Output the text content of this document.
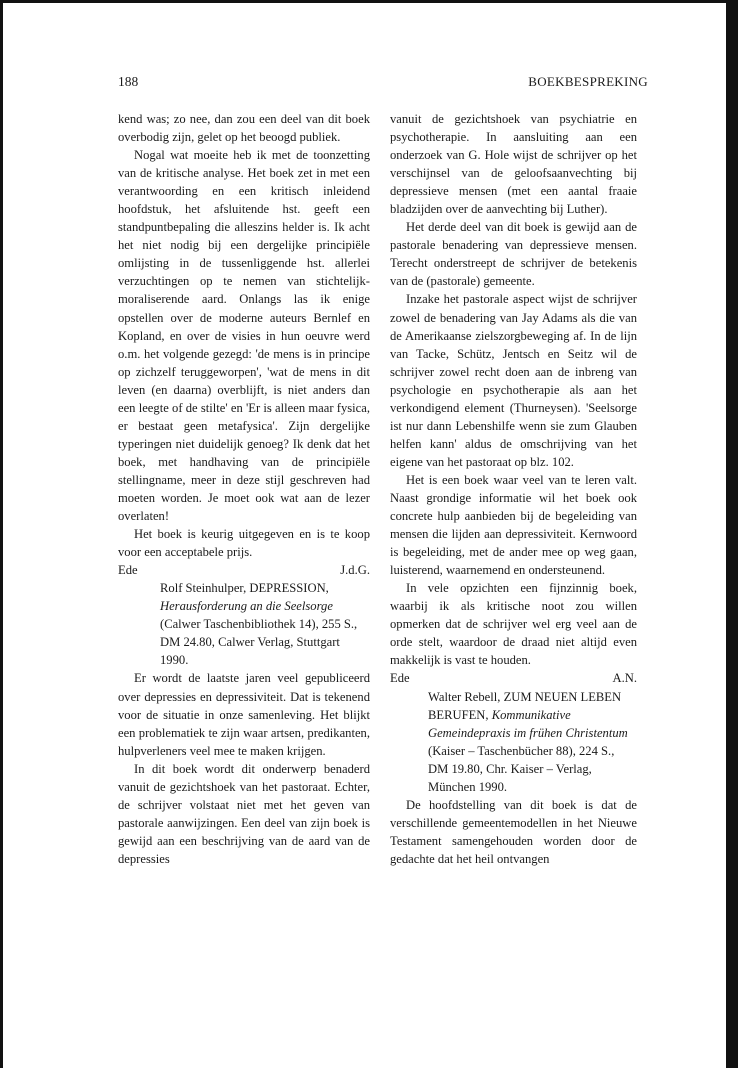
188	BOEKBESPREKING

kend was; zo nee, dan zou een deel van dit boek overbodig zijn, gelet op het beoogd publiek.

Nogal wat moeite heb ik met de toonzetting van de kritische analyse. Het boek zet in met een verantwoording en een kritisch inleidend hoofdstuk, het afsluitende hst. geeft een standpuntbepaling die alleszins helder is. Ik acht het niet nodig bij een dergelijke principiële omlijsting in de tussenliggende hst. allerlei verzuchtingen op te nemen van stichtelijk-moraliserende aard. Onlangs las ik enige opstellen over de moderne auteurs Bernlef en Kopland, en over de visies in hun oeuvre werd o.m. het volgende gezegd: 'de mens is in principe op zichzelf teruggeworpen', 'wat de mens in dit leven (en daarna) overblijft, is niet anders dan een leegte of de stilte' en 'Er is alleen maar fysica, er bestaat geen metafysica'. Zijn dergelijke typeringen niet duidelijk genoeg? Ik denk dat het boek, met handhaving van de principiële stellingname, meer in deze stijl geschreven had moeten worden. Je moet ook wat aan de lezer overlaten!

Het boek is keurig uitgegeven en is te koop voor een acceptabele prijs.

Ede	J.d.G.

Rolf Steinhulper, DEPRESSION, Herausforderung an die Seelsorge (Calwer Taschenbibliothek 14), 255 S., DM 24.80, Calwer Verlag, Stuttgart 1990.

Er wordt de laatste jaren veel gepubliceerd over depressies en depressiviteit. Dat is tekenend voor de situatie in onze samenleving. Het blijkt een problematiek te zijn waar artsen, predikanten, hulpverleners veel mee te maken krijgen.

In dit boek wordt dit onderwerp benaderd vanuit de gezichtshoek van het pastoraat. Echter, de schrijver volstaat niet met het geven van pastorale aanwijzingen. Een deel van zijn boek is gewijd aan een beschrijving van de aard van de depressies

vanuit de gezichtshoek van psychiatrie en psychotherapie. In aansluiting aan een onderzoek van G. Hole wijst de schrijver op het verschijnsel van de geloofsaanvechting bij depressieve mensen (met een aantal fraaie bladzijden over de aanvechting bij Luther).

Het derde deel van dit boek is gewijd aan de pastorale benadering van depressieve mensen. Terecht onderstreept de schrijver de betekenis van de (pastorale) gemeente.

Inzake het pastorale aspect wijst de schrijver zowel de benadering van Jay Adams als die van de Amerikaanse zielszorgbeweging af. In de lijn van Tacke, Schütz, Jentsch en Seitz wil de schrijver zowel recht doen aan de inbreng van psychologie en psychotherapie als aan het verkondigend element (Thurneysen). 'Seelsorge ist nur dann Lebenshilfe wenn sie zum Glauben helfen kann' aldus de omschrijving van het eigene van het pastoraat op blz. 102.

Het is een boek waar veel van te leren valt. Naast grondige informatie wil het boek ook concrete hulp aanbieden bij de begeleiding van mensen die lijden aan depressiviteit. Kernwoord is begeleiding, met de ander mee op weg gaan, luisterend, waarnemend en ondersteunend.

In vele opzichten een fijnzinnig boek, waarbij ik als kritische noot zou willen opmerken dat de schrijver wel erg veel aan de orde stelt, waardoor de draad niet altijd even makkelijk is vast te houden.

Ede	A.N.

Walter Rebell, ZUM NEUEN LEBEN BERUFEN, Kommunikative Gemeindepraxis im frühen Christentum (Kaiser – Taschenbücher 88), 224 S., DM 19.80, Chr. Kaiser – Verlag, München 1990.

De hoofdstelling van dit boek is dat de verschillende gemeentemodellen in het Nieuwe Testament samengehouden worden door de gedachte dat het heil ontvangen
